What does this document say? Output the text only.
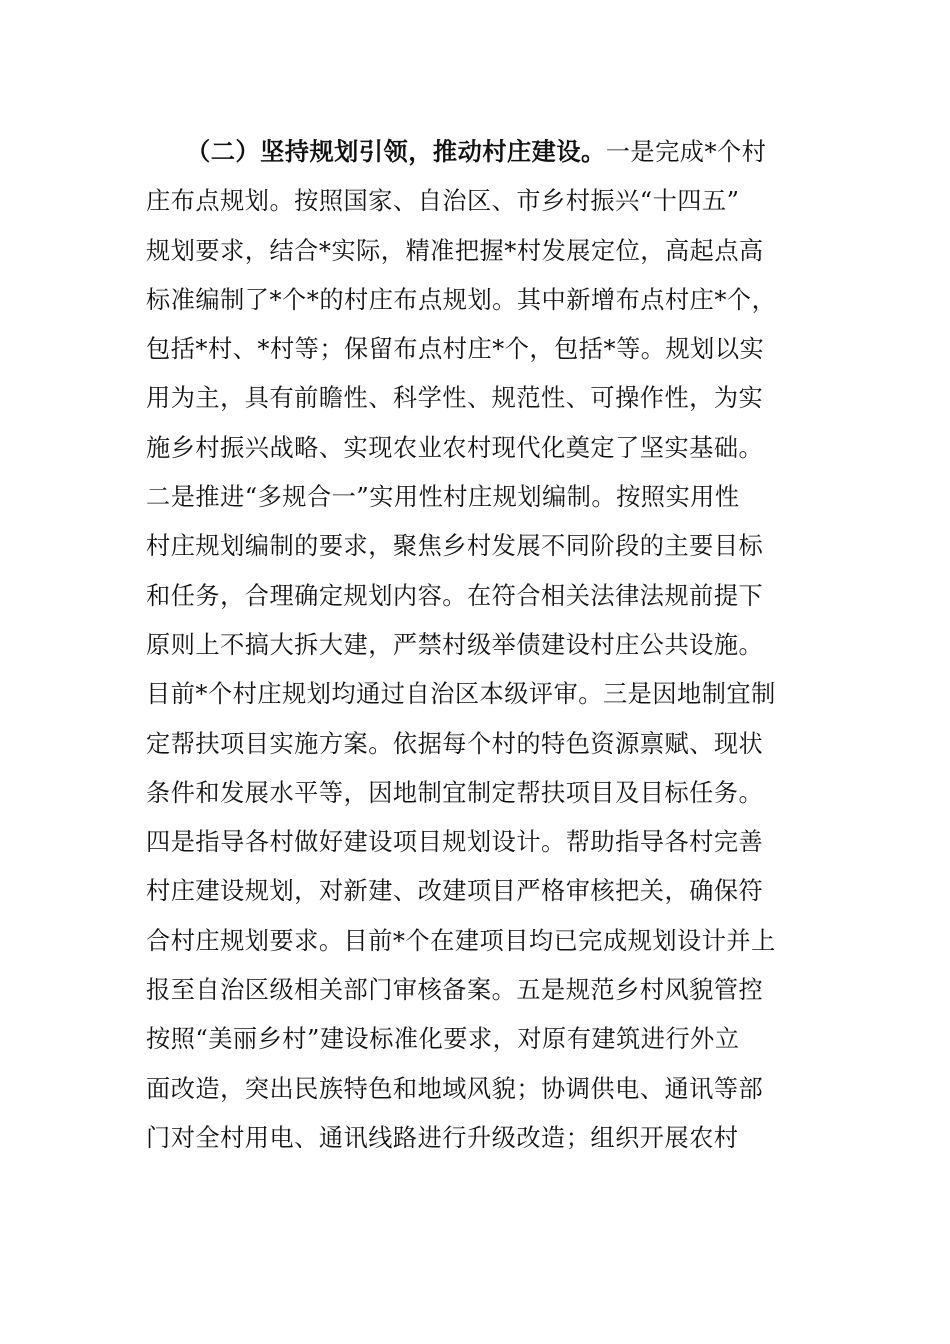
（二）坚持规划引领，推动村庄建设。一是完成*个村
庄布点规划。按照国家、自治区、市乡村振兴“十四五”
规划要求，结合*实际，精准把握*村发展定位，高起点高
标准编制了*个*的村庄布点规划。其中新增布点村庄*个，
包括*村、*村等；保留布点村庄*个，包括*等。规划以实
用为主，具有前瞻性、科学性、规范性、可操作性，为实
施乡村振兴战略、实现农业农村现代化奠定了坚实基础。
二是推进“多规合一”实用性村庄规划编制。按照实用性
村庄规划编制的要求，聚焦乡村发展不同阶段的主要目标
和任务，合理确定规划内容。在符合相关法律法规前提下
原则上不搞大拆大建，严禁村级举债建设村庄公共设施。
目前*个村庄规划均通过自治区本级评审。三是因地制宜制
定帮扶项目实施方案。依据每个村的特色资源禀赋、现状
条件和发展水平等，因地制宜制定帮扶项目及目标任务。
四是指导各村做好建设项目规划设计。帮助指导各村完善
村庄建设规划，对新建、改建项目严格审核把关，确保符
合村庄规划要求。目前*个在建项目均已完成规划设计并上
报至自治区级相关部门审核备案。五是规范乡村风貌管控
按照“美丽乡村”建设标准化要求，对原有建筑进行外立
面改造，突出民族特色和地域风貌；协调供电、通讯等部
门对全村用电、通讯线路进行升级改造；组织开展农村
